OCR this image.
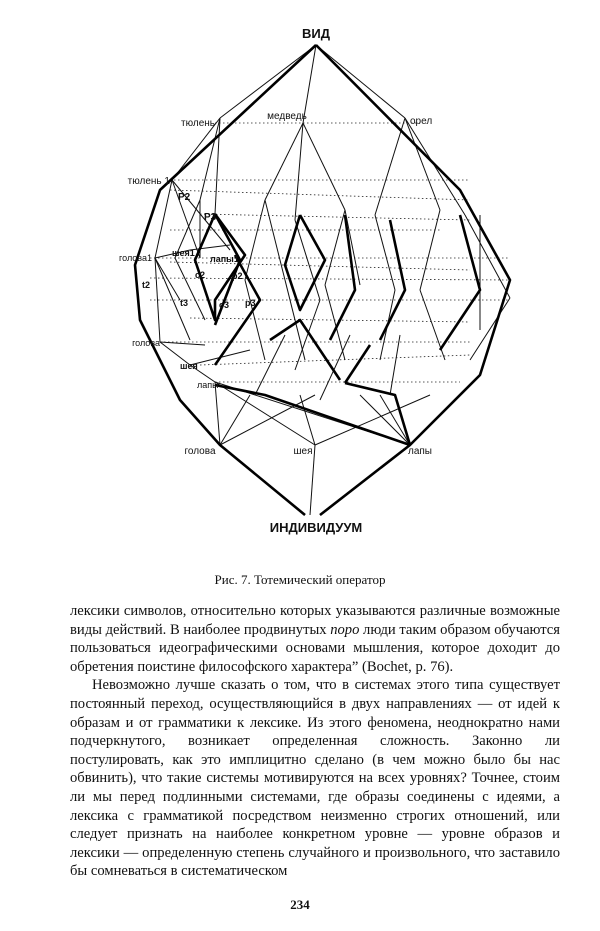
ВИД
ИНДИВИДУУМ
тюлень
медведь	орел
тюлень 1
P2
P3
шея1
лапы1
c2	p2
t2
t3	c3 p3
голова1
голова
шея
лапы
голова	шея	лапы
Рис. 7. Тотемический оператор

лексики символов, относительно которых указываются различные возможные виды действий. В наиболее продвинутых поро люди таким образом обучаются пользоваться идеографическими основами мышления, которое доходит до обретения поистине философского характера” (Bochet, p. 76).

Невозможно лучше сказать о том, что в системах этого типа существует постоянный переход, осуществляющийся в двух направлениях — от идей к образам и от грамматики к лексике. Из этого феномена, неоднократно нами подчеркнутого, возникает определенная сложность. Законно ли постулировать, как это имплицитно сделано (в чем можно было бы нас обвинить), что такие системы мотивируются на всех уровнях? Точнее, стоим ли мы перед подлинными системами, где образы соединены с идеями, а лексика с грамматикой посредством неизменно строгих отношений, или следует признать на наиболее конкретном уровне — уровне образов и лексики — определенную степень случайного и произвольного, что заставило бы сомневаться в систематическом

234
